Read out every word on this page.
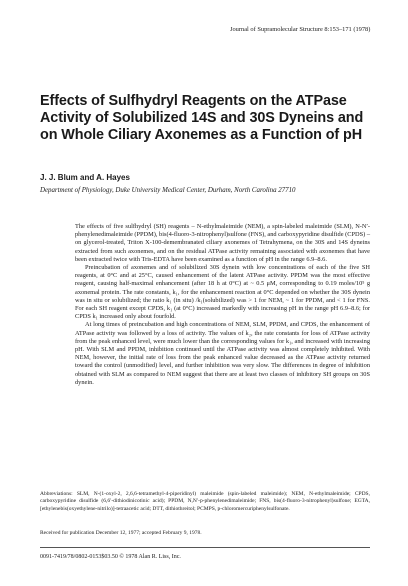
Journal of Supramolecular Structure 8:153–171 (1978)
Effects of Sulfhydryl Reagents on the ATPase Activity of Solubilized 14S and 30S Dyneins and on Whole Ciliary Axonemes as a Function of pH
J. J. Blum and A. Hayes
Department of Physiology, Duke University Medical Center, Durham, North Carolina 27710

The effects of five sulfhydryl (SH) reagents – N-ethylmaleimide (NEM), a spin-labeled maleimide (SLM), N-N′-phenylenedimaleimide (PPDM), bis(4-fluoro-3-nitrophenyl)sulfone (FNS), and carboxypyridine disulfide (CPDS) – on glycerol-treated, Triton X-100-demembranated ciliary axonemes of Tetrahymena, on the 30S and 14S dyneins extracted from such axonemes, and on the residual ATPase activity remaining associated with axonemes that have been extracted twice with Tris-EDTA have been examined as a function of pH in the range 6.9–8.6.

Preincubation of axonemes and of solubilized 30S dynein with low concentrations of each of the five SH reagents, at 0°C and at 25°C, caused enhancement of the latent ATPase activity. PPDM was the most effective reagent, causing half-maximal enhancement (after 18 h at 0°C) at ~ 0.5 μM, corresponding to 0.19 moles/10⁵ g axonemal protein. The rate constants, k₁, for the enhancement reaction at 0°C depended on whether the 30S dynein was in situ or solubilized; the ratio k₁ (in situ) /k₁(solubilized) was > 1 for NEM, ~ 1 for PPDM, and < 1 for FNS. For each SH reagent except CPDS, k₁ (at 0°C) increased markedly with increasing pH in the range pH 6.9–8.6; for CPDS k₁ increased only about fourfold.

At long times of preincubation and high concentrations of NEM, SLM, PPDM, and CPDS, the enhancement of ATPase activity was followed by a loss of activity. The values of k₂, the rate constants for loss of ATPase activity from the peak enhanced level, were much lower than the corresponding values for k₁, and increased with increasing pH. With SLM and PPDM, inhibition continued until the ATPase activity was almost completely inhibited. With NEM, however, the initial rate of loss from the peak enhanced value decreased as the ATPase activity returned toward the control (unmodified) level, and further inhibition was very slow. The differences in degree of inhibition obtained with SLM as compared to NEM suggest that there are at least two classes of inhibitory SH groups on 30S dynein.

Abbreviations: SLM, N-(1-oxyl-2, 2,6,6-tetramethyl-4-piperidinyl) maleimide (spin-labeled maleimide); NEM, N-ethylmaleimide; CPDS, carboxypyridine disulfide (6,6′-dithiodinicotinic acid); PPDM, N,N′-p-phenylenedimaleimide; FNS, bis(4-fluoro-3-nitrophenyl)sulfone; EGTA, [ethylenebis(oxyethylene-nitrilo)]-tetraacetic acid; DTT, dithiothreitol; PCMPS, p-chloromercuriphenylsulfonate.
Received for publication December 12, 1977; accepted February 9, 1978.
0091-7419/78/0802-0153$03.50 © 1978 Alan R. Liss, Inc.
